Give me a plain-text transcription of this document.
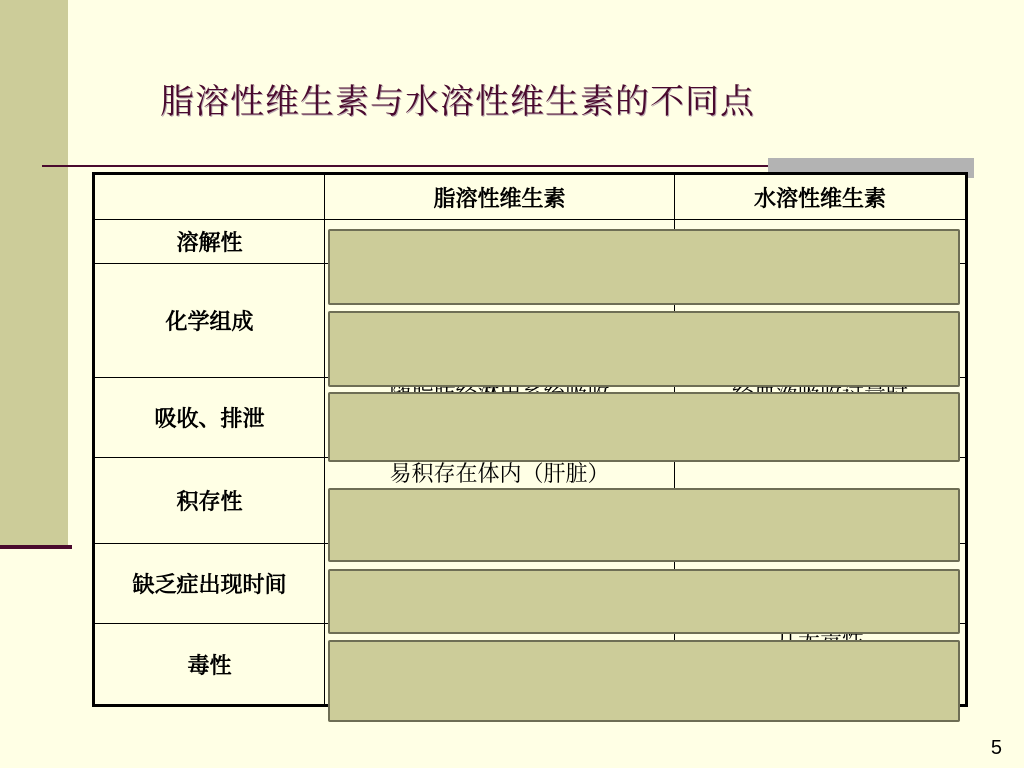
脂溶性维生素与水溶性维生素的不同点
	脂溶性维生素	水溶性维生素
溶解性		
化学组成		
吸收、排泄	

积存性	易积存在体内（肝脏）	

缺乏症出现时间		
毒性		
5
